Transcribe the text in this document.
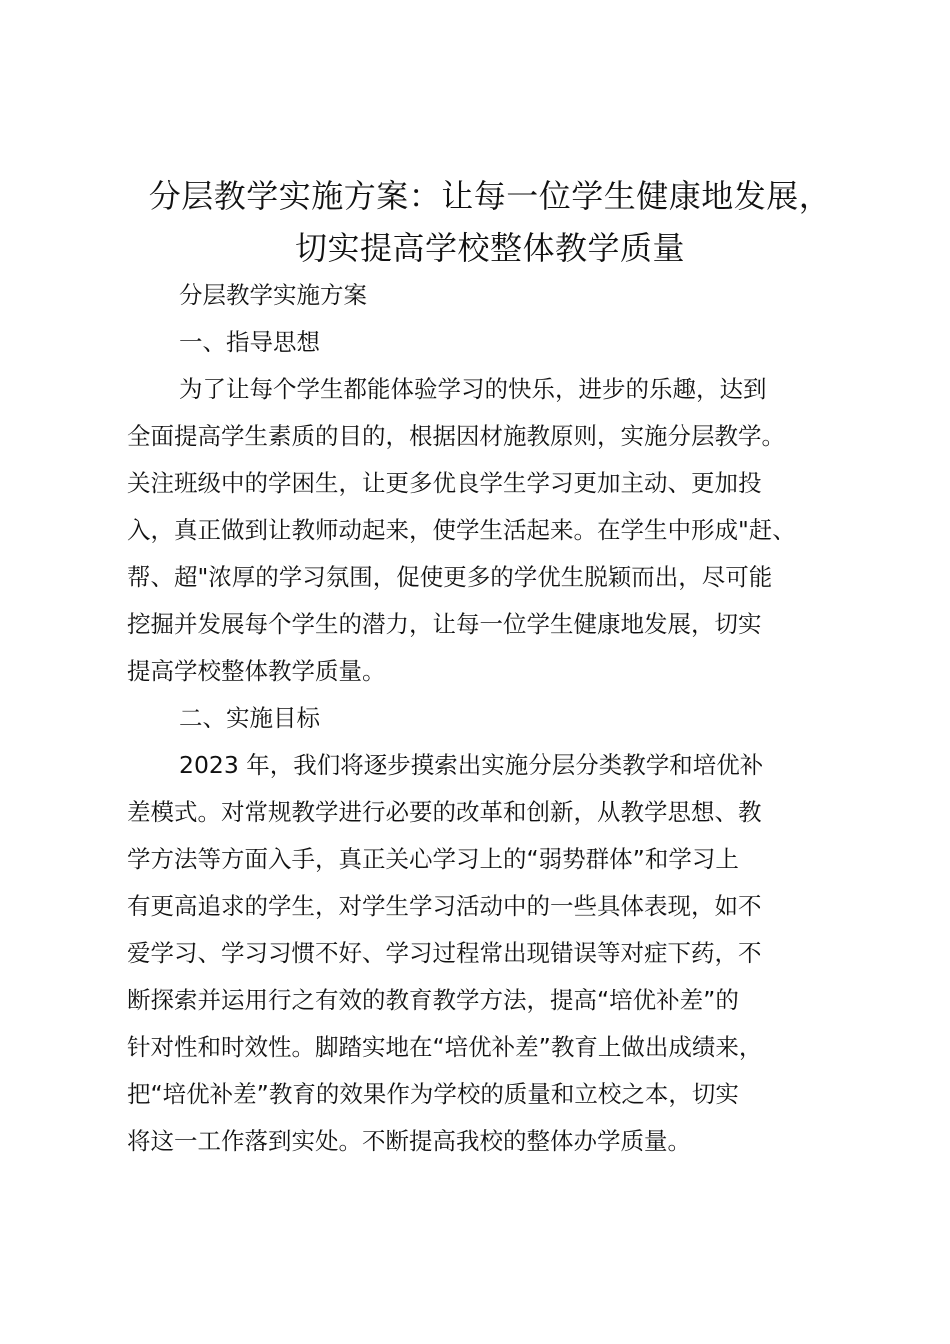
分层教学实施方案：让每一位学生健康地发展，
切实提高学校整体教学质量

分层教学实施方案

一、指导思想

为了让每个学生都能体验学习的快乐，进步的乐趣，达到

全面提高学生素质的目的，根据因材施教原则，实施分层教学。

关注班级中的学困生，让更多优良学生学习更加主动、更加投

入，真正做到让教师动起来，使学生活起来。在学生中形成"赶、

帮、超"浓厚的学习氛围，促使更多的学优生脱颖而出，尽可能

挖掘并发展每个学生的潜力，让每一位学生健康地发展，切实

提高学校整体教学质量。

二、实施目标

2023 年，我们将逐步摸索出实施分层分类教学和培优补

差模式。对常规教学进行必要的改革和创新，从教学思想、教

学方法等方面入手，真正关心学习上的“弱势群体”和学习上

有更高追求的学生，对学生学习活动中的一些具体表现，如不

爱学习、学习习惯不好、学习过程常出现错误等对症下药，不

断探索并运用行之有效的教育教学方法，提高“培优补差”的

针对性和时效性。脚踏实地在“培优补差”教育上做出成绩来，

把“培优补差”教育的效果作为学校的质量和立校之本，切实

将这一工作落到实处。不断提高我校的整体办学质量。
